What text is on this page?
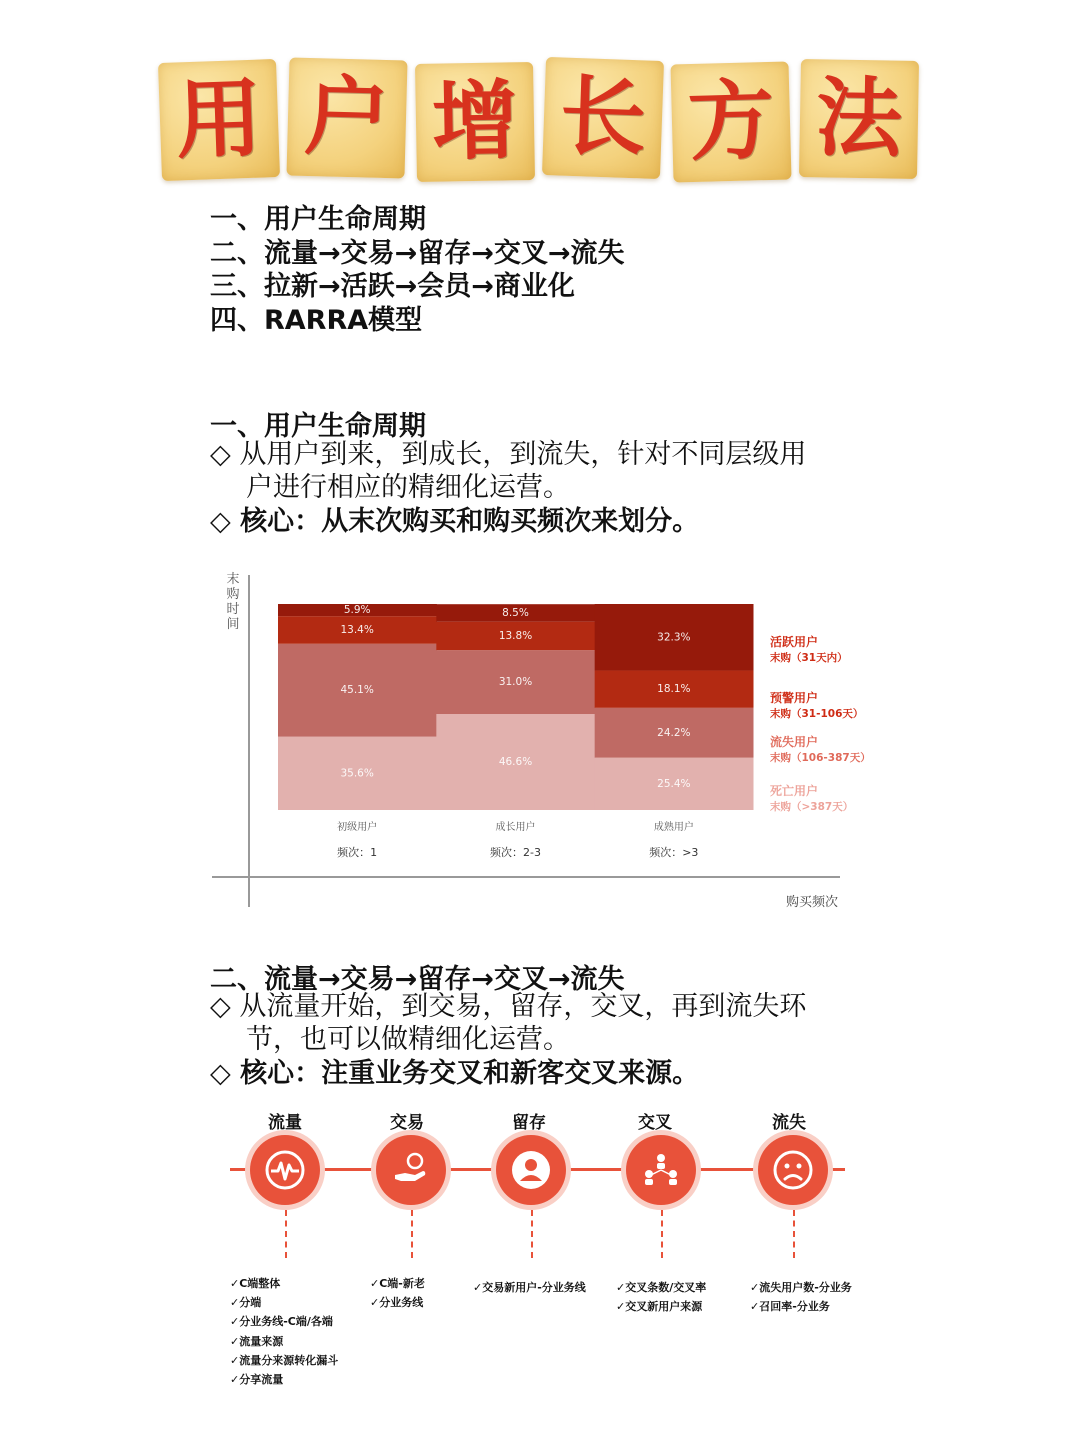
用 户 增 长 方 法
一、用户生命周期
二、流量→交易→留存→交叉→流失
三、拉新→活跃→会员→商业化
四、RARRA模型
一、用户生命周期
◇ 从用户到来，到成长，到流失，针对不同层级用
户进行相应的精细化运营。
◇ 核心：从末次购买和购买频次来划分。
末
购
时
间
购买频次
35.6%
45.1%
13.4%
5.9%
初级用户
频次：1
46.6%
31.0%
13.8%
8.5%
成长用户
频次：2-3
25.4%
24.2%
18.1%
32.3%
成熟用户
频次：>3
活跃用户
末购（31天内）
预警用户
末购（31-106天）
流失用户
末购（106-387天）
死亡用户
末购（>387天）
二、流量→交易→留存→交叉→流失
◇ 从流量开始，到交易，留存，交叉，再到流失环
节，也可以做精细化运营。
◇ 核心：注重业务交叉和新客交叉来源。
流量	交易	留存	交叉	流失
✓ C端整体
✓ 分端
✓ 分业务线-C端/各端
✓ 流量来源
✓ 流量分来源转化漏斗
✓ 分享流量
✓ C端-新老
✓ 分业务线
✓ 交易新用户-分业务线
✓	交叉条数/交叉率
✓ 交叉新用户来源
✓ 流失用户数-分业务
✓ 召回率-分业务
